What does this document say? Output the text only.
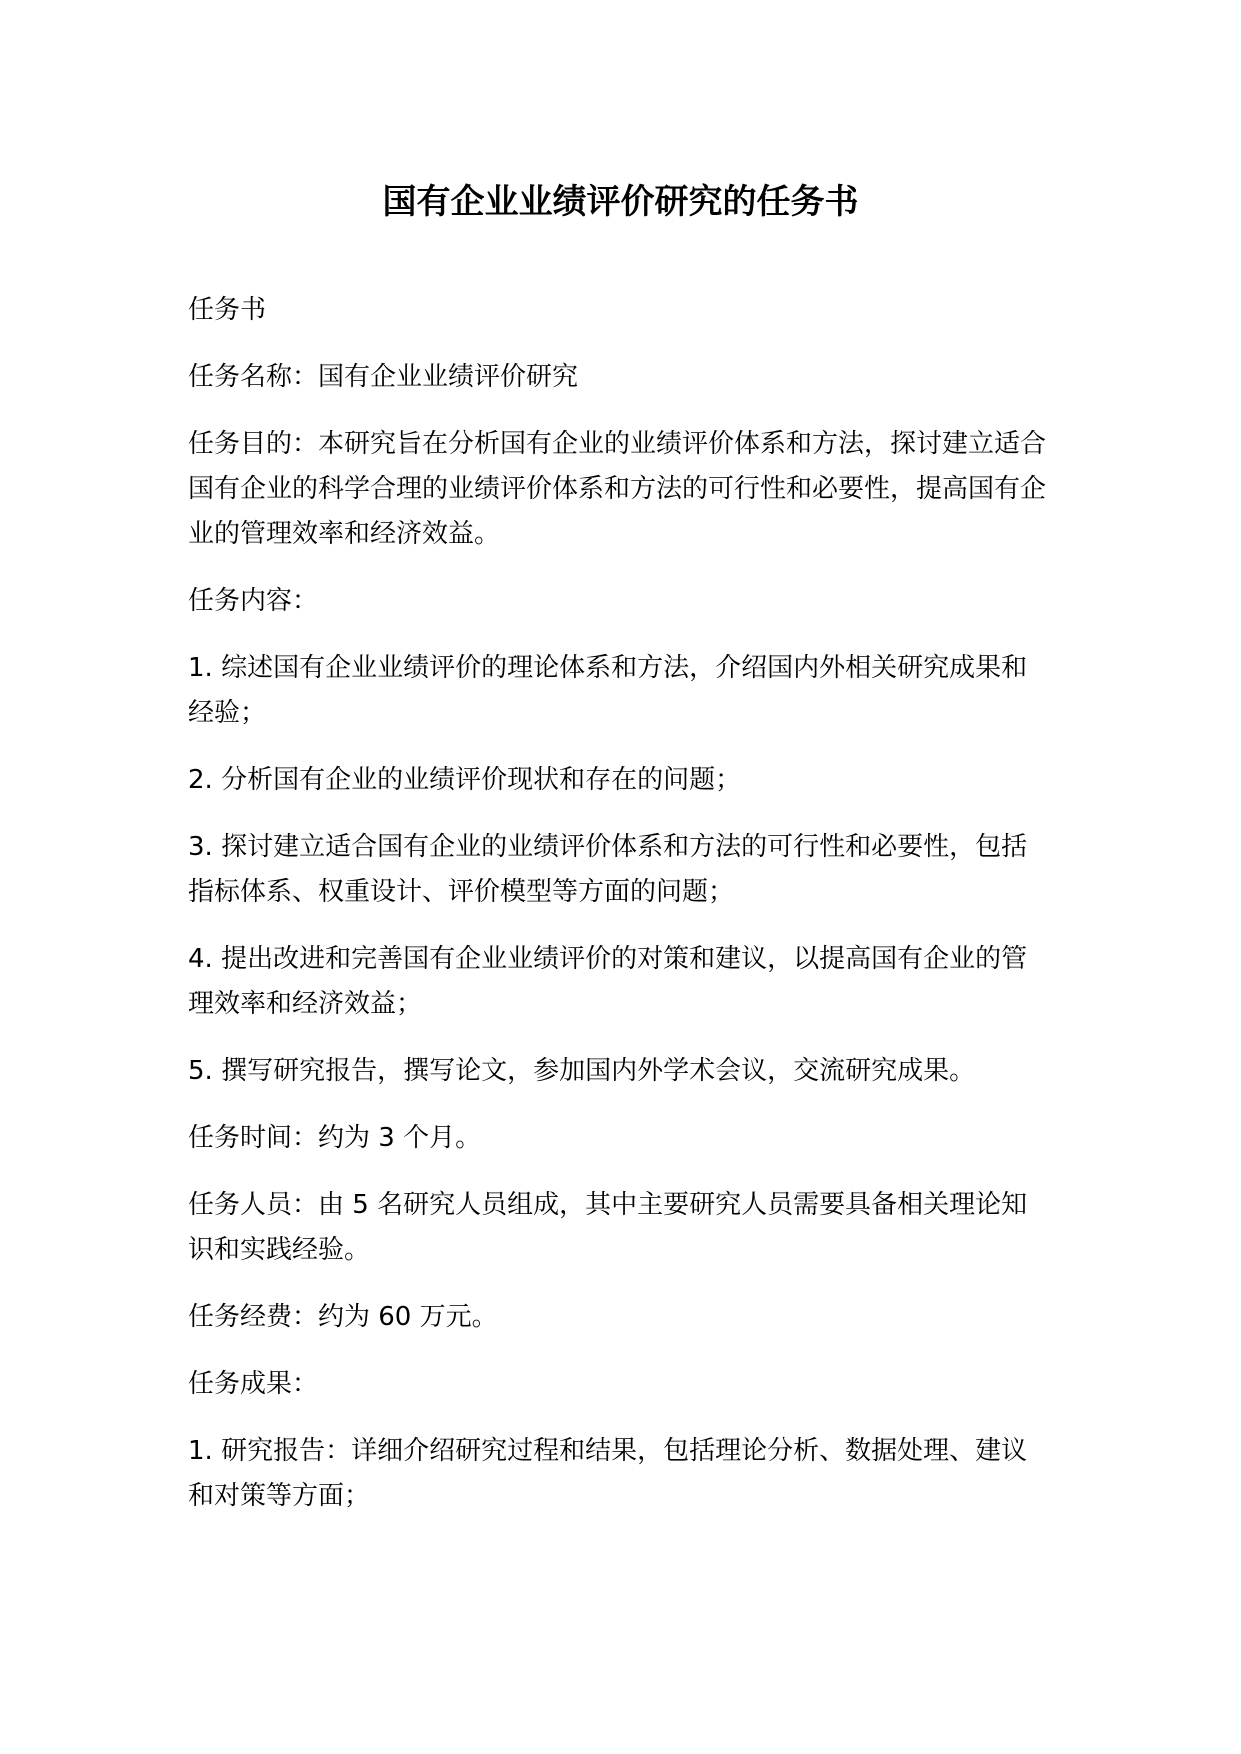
国有企业业绩评价研究的任务书

任务书

任务名称：国有企业业绩评价研究

任务目的：本研究旨在分析国有企业的业绩评价体系和方法，探讨建立适合国有企业的科学合理的业绩评价体系和方法的可行性和必要性，提高国有企业的管理效率和经济效益。

任务内容：

1. 综述国有企业业绩评价的理论体系和方法，介绍国内外相关研究成果和经验；

2. 分析国有企业的业绩评价现状和存在的问题；

3. 探讨建立适合国有企业的业绩评价体系和方法的可行性和必要性，包括指标体系、权重设计、评价模型等方面的问题；

4. 提出改进和完善国有企业业绩评价的对策和建议，以提高国有企业的管理效率和经济效益；

5. 撰写研究报告，撰写论文，参加国内外学术会议，交流研究成果。

任务时间：约为 3 个月。

任务人员：由 5 名研究人员组成，其中主要研究人员需要具备相关理论知识和实践经验。

任务经费：约为 60 万元。

任务成果：

1. 研究报告：详细介绍研究过程和结果，包括理论分析、数据处理、建议和对策等方面；
